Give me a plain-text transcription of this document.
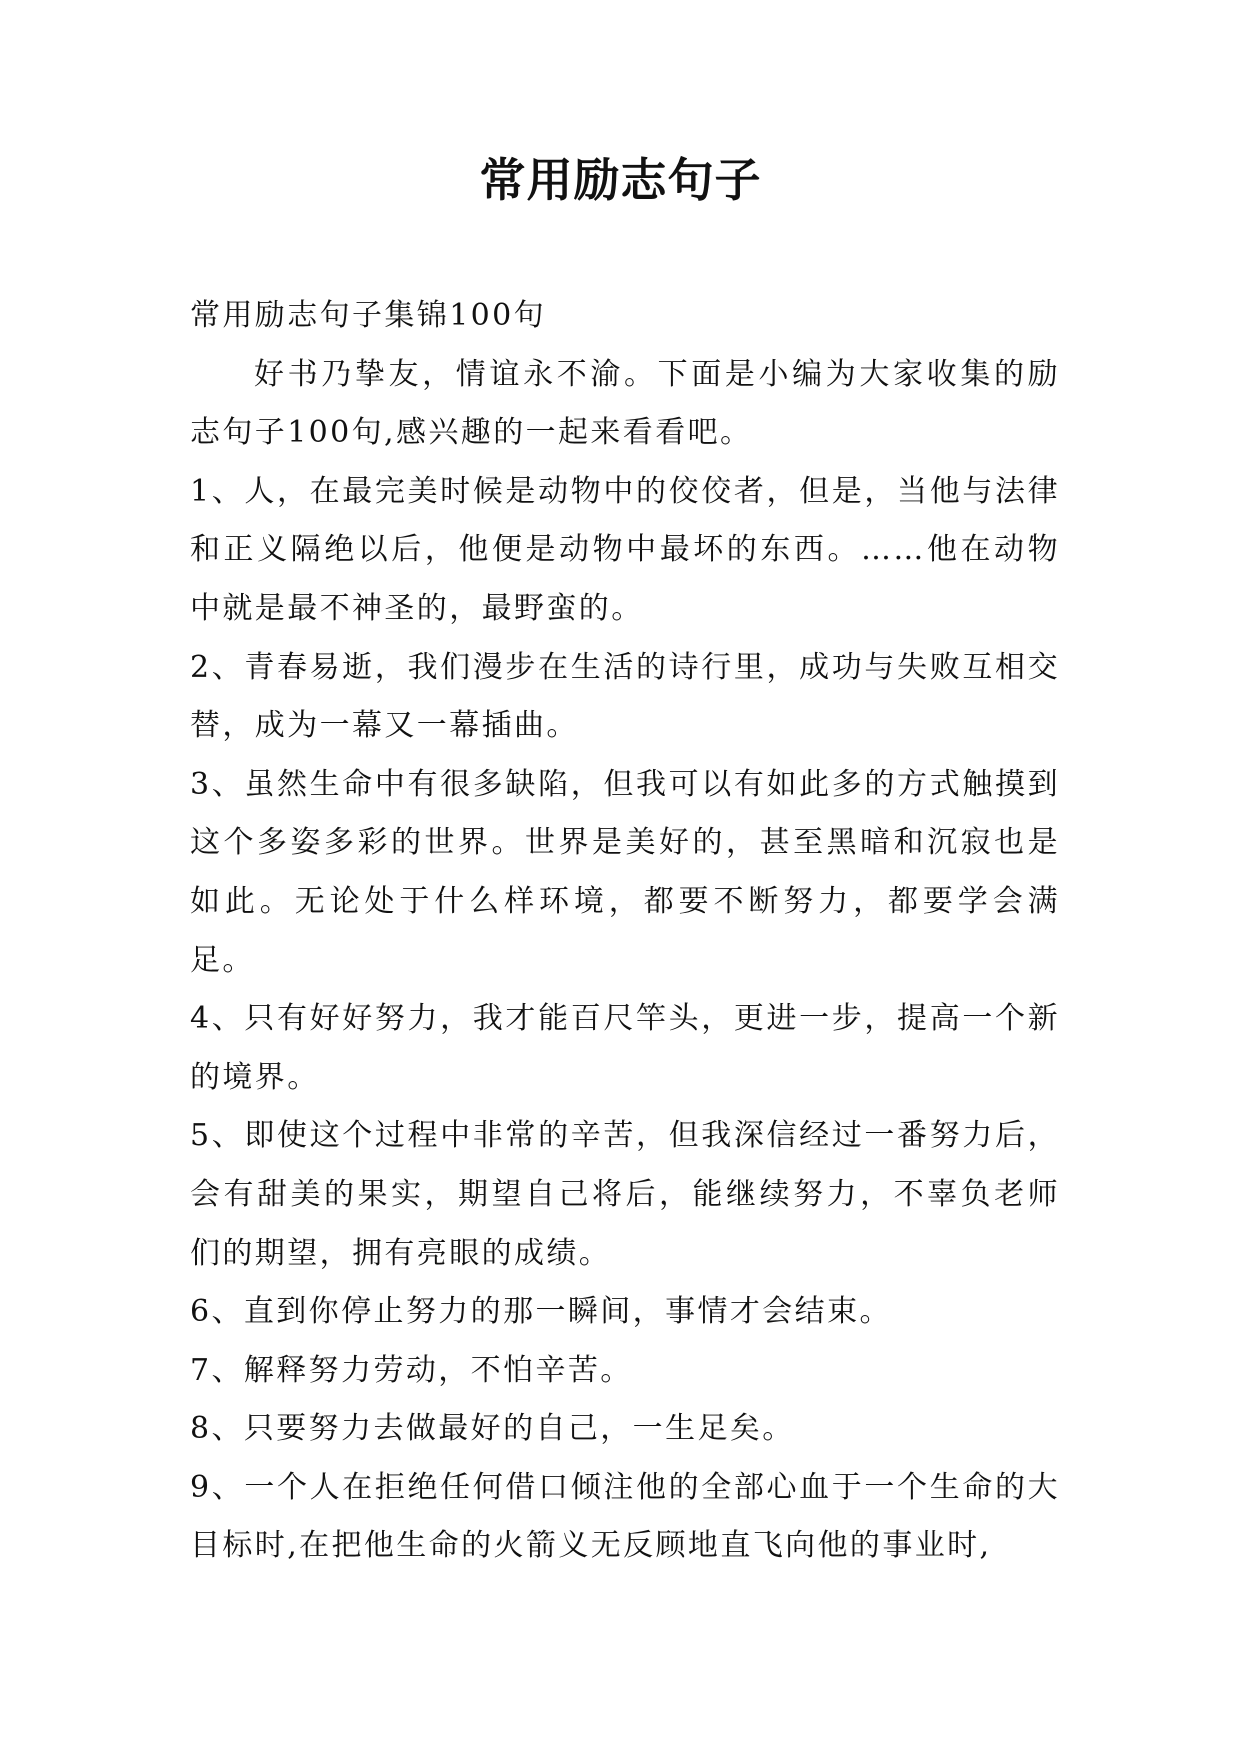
常用励志句子

常用励志句子集锦100句

好书乃挚友，情谊永不渝。下面是小编为大家收集的励志句子100句,感兴趣的一起来看看吧。

1、人，在最完美时候是动物中的佼佼者，但是，当他与法律和正义隔绝以后，他便是动物中最坏的东西。……他在动物中就是最不神圣的，最野蛮的。

2、青春易逝，我们漫步在生活的诗行里，成功与失败互相交替，成为一幕又一幕插曲。

3、虽然生命中有很多缺陷，但我可以有如此多的方式触摸到这个多姿多彩的世界。世界是美好的，甚至黑暗和沉寂也是如此。无论处于什么样环境，都要不断努力，都要学会满足。

4、只有好好努力，我才能百尺竿头，更进一步，提高一个新的境界。

5、即使这个过程中非常的辛苦，但我深信经过一番努力后，会有甜美的果实，期望自己将后，能继续努力，不辜负老师们的期望，拥有亮眼的成绩。

6、直到你停止努力的那一瞬间，事情才会结束。

7、解释努力劳动，不怕辛苦。

8、只要努力去做最好的自己，一生足矣。

9、一个人在拒绝任何借口倾注他的全部心血于一个生命的大目标时,在把他生命的火箭义无反顾地直飞向他的事业时,
